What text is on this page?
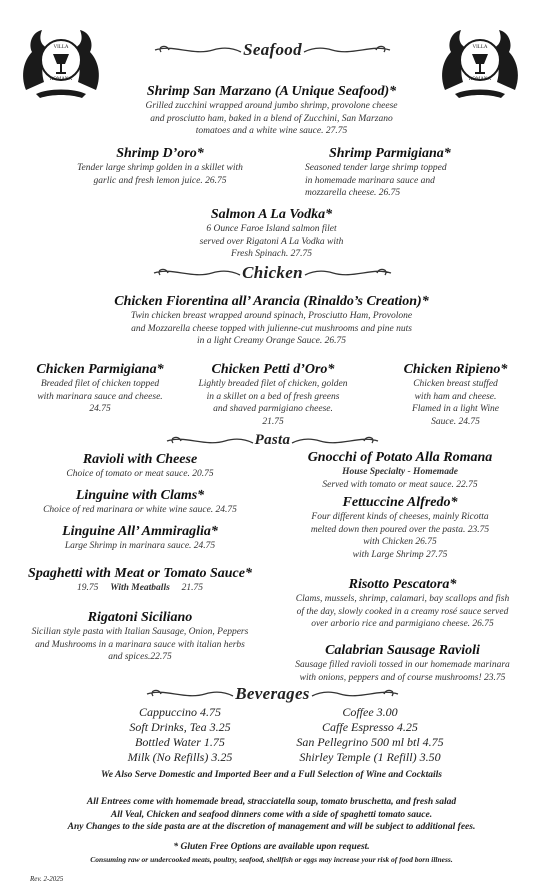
VILLA
ROMANA
VILLA
ROMANA
Seafood
Shrimp San Marzano (A Unique Seafood)*
Grilled zucchini wrapped around jumbo shrimp, provolone cheese
and prosciutto ham, baked in a blend of Zucchini, San Marzano
tomatoes and a white wine sauce. 27.75
Shrimp D’oro*
Tender large shrimp golden in a skillet with
garlic and fresh lemon juice. 26.75
Shrimp Parmigiana*
Seasoned tender large shrimp topped
in homemade marinara sauce and
mozzarella cheese. 26.75
Salmon A La Vodka*
6 Ounce Faroe Island salmon filet
served over Rigatoni A La Vodka with
Fresh Spinach. 27.75
Chicken
Chicken Fiorentina all’ Arancia (Rinaldo’s Creation)*
Twin chicken breast wrapped around spinach, Prosciutto Ham, Provolone
and Mozzarella cheese topped with julienne-cut mushrooms and pine nuts
in a light Creamy Orange Sauce. 26.75
Chicken Parmigiana*
Breaded filet of chicken topped
with marinara sauce and cheese.
24.75
Chicken Petti d’Oro*
Lightly breaded filet of chicken, golden
in a skillet on a bed of fresh greens
and shaved parmigiano cheese.
21.75
Chicken Ripieno*
Chicken breast stuffed
with ham and cheese.
Flamed in a light Wine
Sauce. 24.75
Pasta
Ravioli with Cheese
Choice of tomato or meat sauce. 20.75
Linguine with Clams*
Choice of red marinara or white wine sauce. 24.75
Linguine All’ Ammiraglia*
Large Shrimp in marinara sauce. 24.75
Spaghetti with Meat or Tomato Sauce*
19.75 With Meatballs 21.75
Rigatoni Siciliano
Sicilian style pasta with Italian Sausage, Onion, Peppers
and Mushrooms in a marinara sauce with italian herbs
and spices.22.75
Gnocchi of Potato Alla Romana
House Specialty - Homemade
Served with tomato or meat sauce. 22.75
Fettuccine Alfredo*
Four different kinds of cheeses, mainly Ricotta
melted down then poured over the pasta. 23.75
with Chicken 26.75
with Large Shrimp 27.75
Risotto Pescatora*
Clams, mussels, shrimp, calamari, bay scallops and fish
of the day, slowly cooked in a creamy rosé sauce served
over arborio rice and parmigiano cheese. 26.75
Calabrian Sausage Ravioli
Sausage filled ravioli tossed in our homemade marinara
with onions, peppers and of course mushrooms! 23.75
Beverages
Cappuccino 4.75
Soft Drinks, Tea 3.25
Bottled Water 1.75
Milk (No Refills) 3.25
Coffee 3.00
Caffe Espresso 4.25
San Pellegrino 500 ml btl 4.75
Shirley Temple (1 Refill) 3.50
We Also Serve Domestic and Imported Beer and a Full Selection of Wine and Cocktails
All Entrees come with homemade bread, stracciatella soup, tomato bruschetta, and fresh salad
All Veal, Chicken and seafood dinners come with a side of spaghetti tomato sauce.
Any Changes to the side pasta are at the discretion of management and will be subject to additional fees.
* Gluten Free Options are available upon request.
Consuming raw or undercooked meats, poultry, seafood, shellfish or eggs may increase your risk of food born illness.
Rev. 2-2025
